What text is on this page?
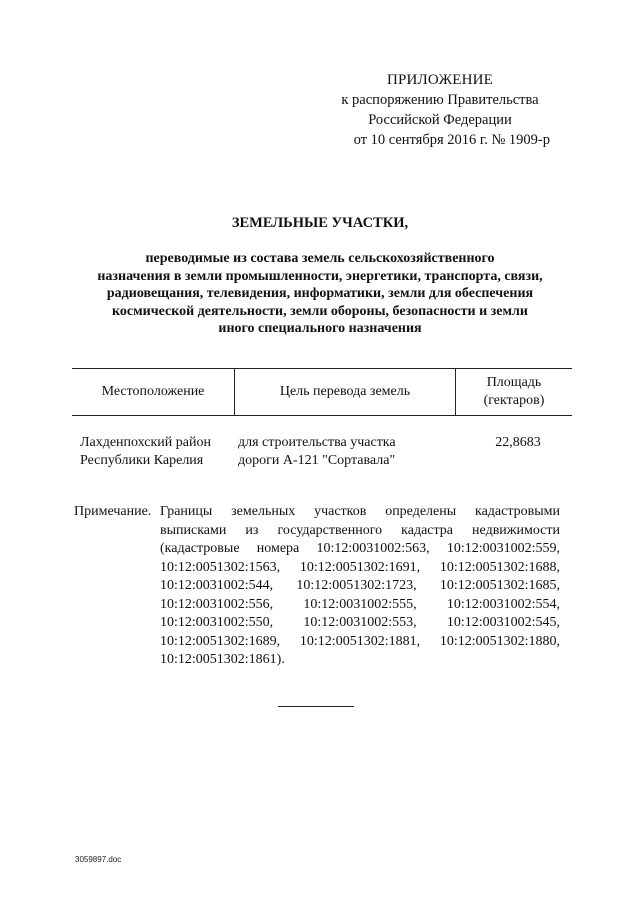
ПРИЛОЖЕНИЕ
к распоряжению Правительства
Российской Федерации
от 10 сентября 2016 г. № 1909-р
ЗЕМЕЛЬНЫЕ УЧАСТКИ,
переводимые из состава земель сельскохозяйственного
назначения в земли промышленности, энергетики, транспорта, связи,
радиовещания, телевидения, информатики, земли для обеспечения
космической деятельности, земли обороны, безопасности и земли
иного специального назначения
Местоположение	Цель перевода земель
Площадь
(гектаров)
Лахденпохский район
Республики Карелия
для строительства участка
дороги А-121 "Сортавала"
22,8683
Примечание. Границы земельных участков определены кадастровыми
выписками из государственного кадастра недвижимости
(кадастровые номера 10:12:0031002:563, 10:12:0031002:559,
10:12:0051302:1563, 10:12:0051302:1691, 10:12:0051302:1688,
10:12:0031002:544, 10:12:0051302:1723, 10:12:0051302:1685,
10:12:0031002:556, 10:12:0031002:555, 10:12:0031002:554,
10:12:0031002:550, 10:12:0031002:553, 10:12:0031002:545,
10:12:0051302:1689, 10:12:0051302:1881, 10:12:0051302:1880,
10:12:0051302:1861).
3059897.doc
